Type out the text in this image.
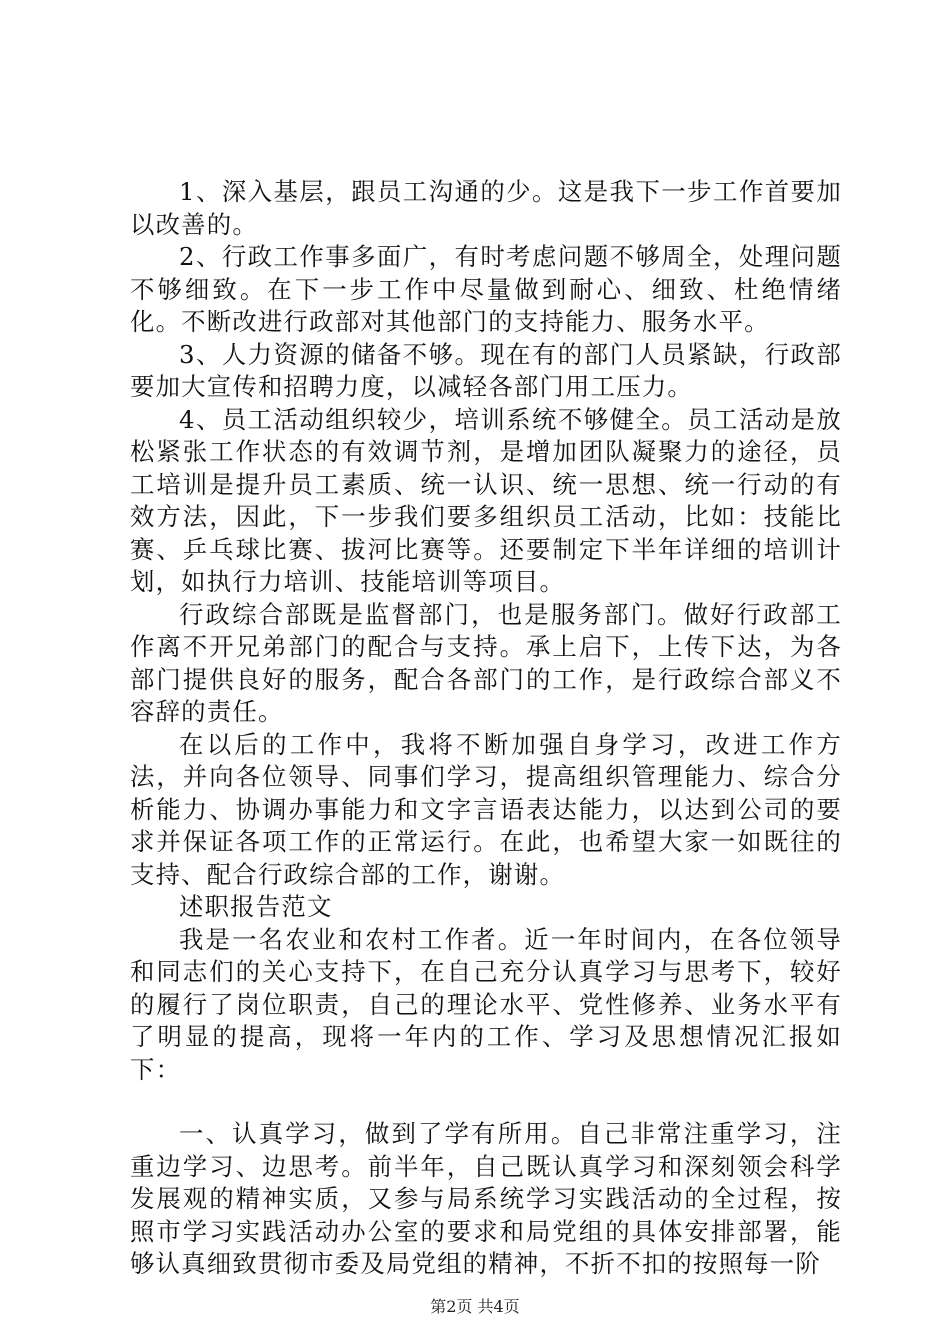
1、深入基层，跟员工沟通的少。这是我下一步工作首要加以改善的。

2、行政工作事多面广，有时考虑问题不够周全，处理问题不够细致。在下一步工作中尽量做到耐心、细致、杜绝情绪化。不断改进行政部对其他部门的支持能力、服务水平。

3、人力资源的储备不够。现在有的部门人员紧缺，行政部要加大宣传和招聘力度，以减轻各部门用工压力。

4、员工活动组织较少，培训系统不够健全。员工活动是放松紧张工作状态的有效调节剂，是增加团队凝聚力的途径，员工培训是提升员工素质、统一认识、统一思想、统一行动的有效方法，因此，下一步我们要多组织员工活动，比如：技能比赛、乒乓球比赛、拔河比赛等。还要制定下半年详细的培训计划，如执行力培训、技能培训等项目。

行政综合部既是监督部门，也是服务部门。做好行政部工作离不开兄弟部门的配合与支持。承上启下，上传下达，为各部门提供良好的服务，配合各部门的工作，是行政综合部义不容辞的责任。

在以后的工作中，我将不断加强自身学习，改进工作方法，并向各位领导、同事们学习，提高组织管理能力、综合分析能力、协调办事能力和文字言语表达能力，以达到公司的要求并保证各项工作的正常运行。在此，也希望大家一如既往的支持、配合行政综合部的工作，谢谢。

述职报告范文

我是一名农业和农村工作者。近一年时间内，在各位领导和同志们的关心支持下，在自己充分认真学习与思考下，较好的履行了岗位职责，自己的理论水平、党性修养、业务水平有了明显的提高，现将一年内的工作、学习及思想情况汇报如下：

一、认真学习，做到了学有所用。自己非常注重学习，注重边学习、边思考。前半年，自己既认真学习和深刻领会科学发展观的精神实质，又参与局系统学习实践活动的全过程，按照市学习实践活动办公室的要求和局党组的具体安排部署，能够认真细致贯彻市委及局党组的精神，不折不扣的按照每一阶

第2页 共4页
